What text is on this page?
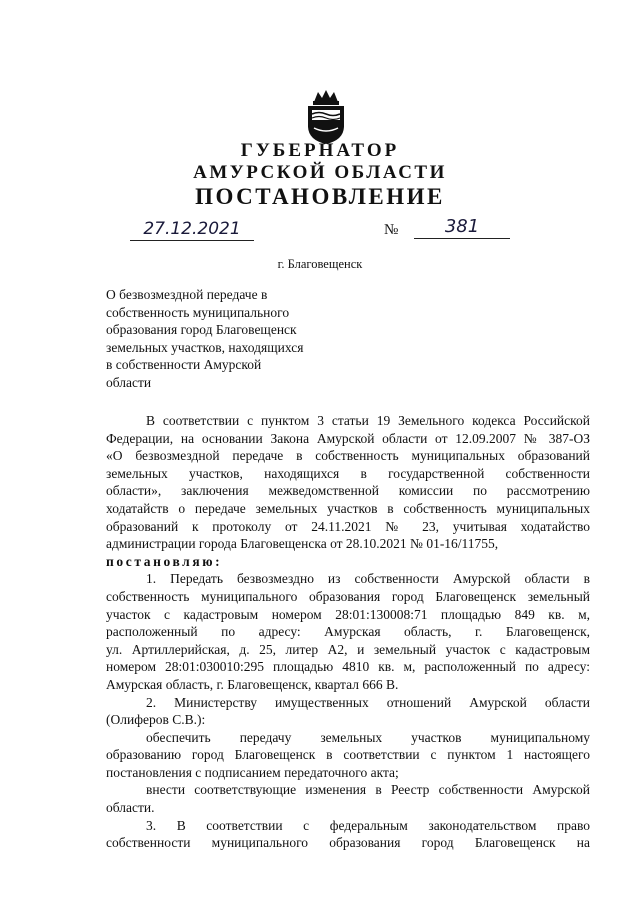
ГУБЕРНАТОР
АМУРСКОЙ ОБЛАСТИ
ПОСТАНОВЛЕНИЕ
27.12.2021	№	381
г. Благовещенск
О безвозмездной передаче в
собственность муниципального
образования город Благовещенск
земельных участков, находящихся
в собственности Амурской
области
В соответствии с пунктом 3 статьи 19 Земельного кодекса Российской
Федерации, на основании Закона Амурской области от 12.09.2007 № 387-ОЗ
«О безвозмездной передаче в собственность муниципальных образований
земельных участков, находящихся в государственной собственности
области», заключения межведомственной комиссии по рассмотрению
ходатайств о передаче земельных участков в собственность муниципальных
образований к протоколу от 24.11.2021 № 23, учитывая ходатайство
администрации города Благовещенска от 28.10.2021 № 01-16/11755,
постановляю:
1. Передать безвозмездно из собственности Амурской области в
собственность муниципального образования город Благовещенск земельный
участок с кадастровым номером 28:01:130008:71 площадью 849 кв. м,
расположенный по адресу: Амурская область, г. Благовещенск,
ул. Артиллерийская, д. 25, литер А2, и земельный участок с кадастровым
номером 28:01:030010:295 площадью 4810 кв. м, расположенный по адресу:
Амурская область, г. Благовещенск, квартал 666 В.
2. Министерству имущественных отношений Амурской области
(Олиферов С.В.):
обеспечить передачу земельных участков муниципальному
образованию город Благовещенск в соответствии с пунктом 1 настоящего
постановления с подписанием передаточного акта;
внести соответствующие изменения в Реестр собственности Амурской
области.
3. В соответствии с федеральным законодательством право
собственности муниципального образования город Благовещенск на
